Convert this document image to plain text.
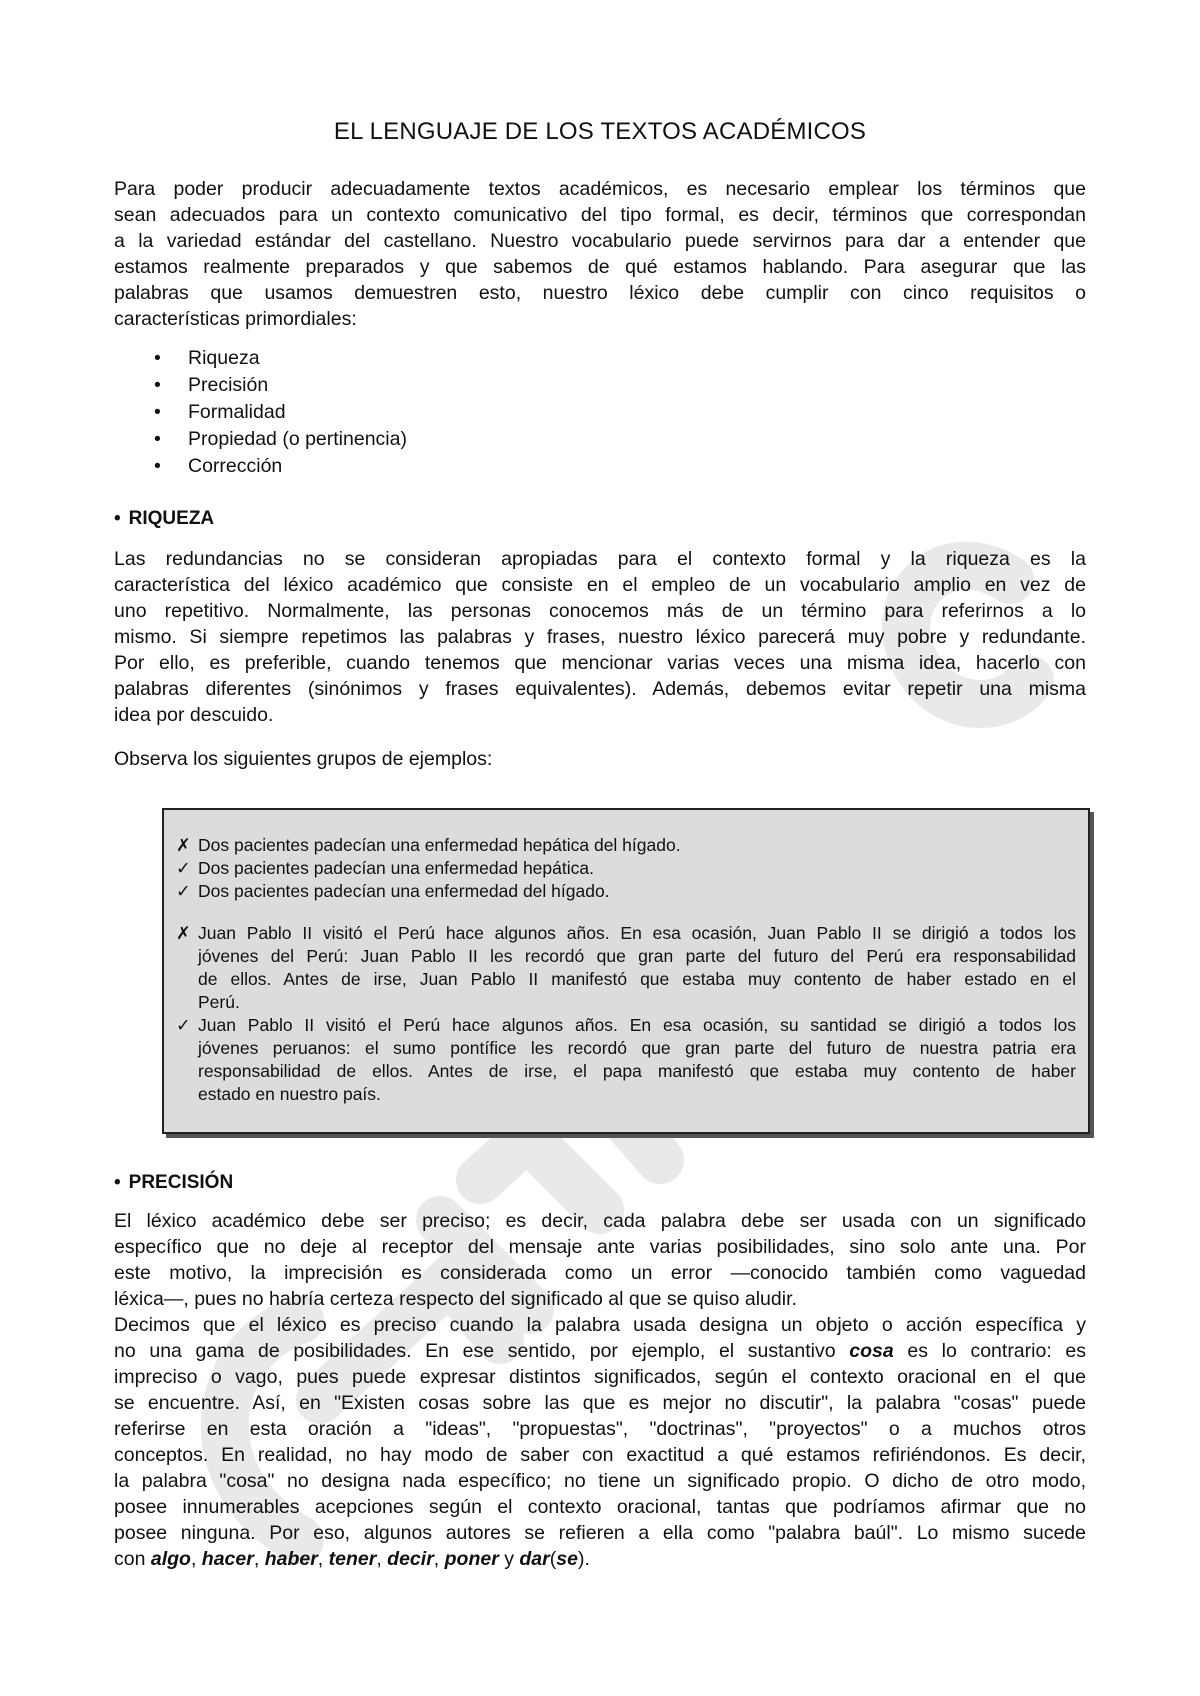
EL LENGUAJE DE LOS TEXTOS ACADÉMICOS
Para poder producir adecuadamente textos académicos, es necesario emplear los términos que
sean adecuados para un contexto comunicativo del tipo formal, es decir, términos que correspondan
a la variedad estándar del castellano. Nuestro vocabulario puede servirnos para dar a entender que
estamos realmente preparados y que sabemos de qué estamos hablando. Para asegurar que las
palabras que usamos demuestren esto, nuestro léxico debe cumplir con cinco requisitos o
características primordiales:
• Riqueza
• Precisión
• Formalidad
• Propiedad (o pertinencia)
• Corrección
• RIQUEZA
Las redundancias no se consideran apropiadas para el contexto formal y la riqueza es la
característica del léxico académico que consiste en el empleo de un vocabulario amplio en vez de
uno repetitivo. Normalmente, las personas conocemos más de un término para referirnos a lo
mismo. Si siempre repetimos las palabras y frases, nuestro léxico parecerá muy pobre y redundante.
Por ello, es preferible, cuando tenemos que mencionar varias veces una misma idea, hacerlo con
palabras diferentes (sinónimos y frases equivalentes). Además, debemos evitar repetir una misma
idea por descuido.
Observa los siguientes grupos de ejemplos:
✗ Dos pacientes padecían una enfermedad hepática del hígado.
✓ Dos pacientes padecían una enfermedad hepática.
✓ Dos pacientes padecían una enfermedad del hígado.
✗ Juan Pablo II visitó el Perú hace algunos años. En esa ocasión, Juan Pablo II se dirigió a todos los
jóvenes del Perú: Juan Pablo II les recordó que gran parte del futuro del Perú era responsabilidad
de ellos. Antes de irse, Juan Pablo II manifestó que estaba muy contento de haber estado en el
Perú.
✓ Juan Pablo II visitó el Perú hace algunos años. En esa ocasión, su santidad se dirigió a todos los
jóvenes peruanos: el sumo pontífice les recordó que gran parte del futuro de nuestra patria era
responsabilidad de ellos. Antes de irse, el papa manifestó que estaba muy contento de haber
estado en nuestro país.
• PRECISIÓN
El léxico académico debe ser preciso; es decir, cada palabra debe ser usada con un significado
específico que no deje al receptor del mensaje ante varias posibilidades, sino solo ante una. Por
este motivo, la imprecisión es considerada como un error —conocido también como vaguedad
léxica—, pues no habría certeza respecto del significado al que se quiso aludir.
Decimos que el léxico es preciso cuando la palabra usada designa un objeto o acción específica y
no una gama de posibilidades. En ese sentido, por ejemplo, el sustantivo cosa es lo contrario: es
impreciso o vago, pues puede expresar distintos significados, según el contexto oracional en el que
se encuentre. Así, en "Existen cosas sobre las que es mejor no discutir", la palabra "cosas" puede
referirse en esta oración a "ideas", "propuestas", "doctrinas", "proyectos" o a muchos otros
conceptos. En realidad, no hay modo de saber con exactitud a qué estamos refiriéndonos. Es decir,
la palabra "cosa" no designa nada específico; no tiene un significado propio. O dicho de otro modo,
posee innumerables acepciones según el contexto oracional, tantas que podríamos afirmar que no
posee ninguna. Por eso, algunos autores se refieren a ella como "palabra baúl". Lo mismo sucede
con algo, hacer, haber, tener, decir, poner y dar(se).
